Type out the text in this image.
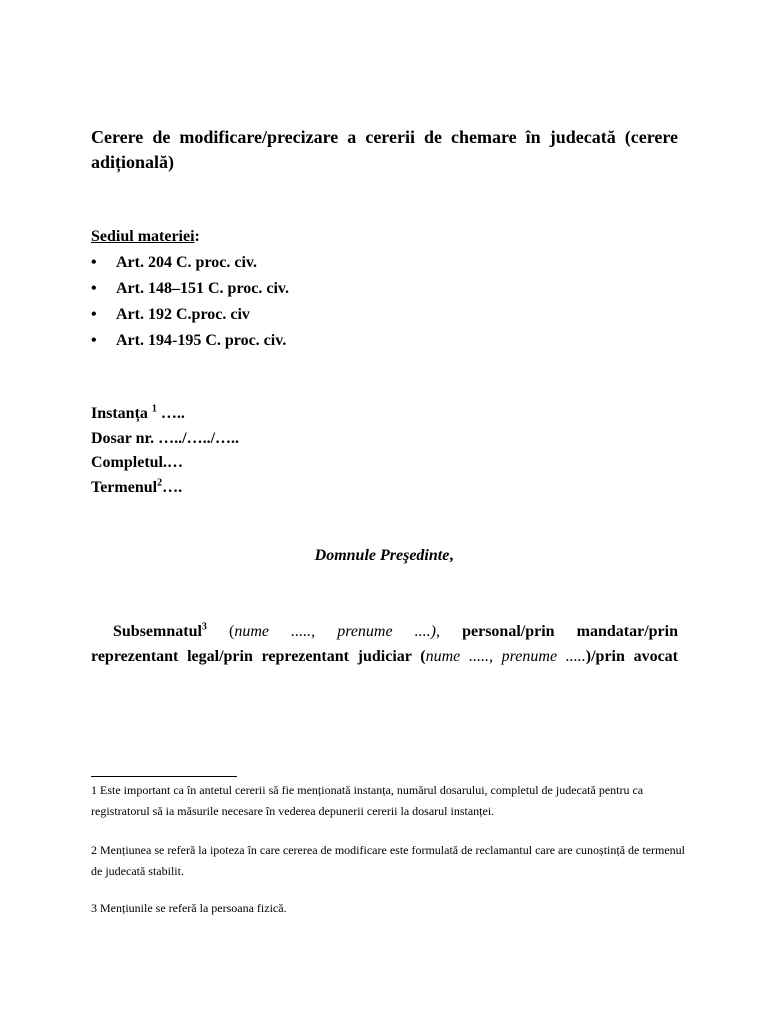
Cerere de modificare/precizare a cererii de chemare în judecată (cerere adițională)
Sediul materiei:
• Art. 204 C. proc. civ.
• Art. 148–151 C. proc. civ.
• Art. 192 C.proc. civ
• Art. 194-195 C. proc. civ.
Instanța $^1$ …..
Dosar nr. …../…../…..
Completul.…
Termenul$^2$….
Domnule Preşedinte,
Subsemnatul$^3$ (nume ....., prenume ....), personal/prin mandatar/prin
reprezentant legal/prin reprezentant judiciar (nume ....., prenume .....)/prin avocat

1 Este important ca în antetul cererii să fie menționată instanța, numărul dosarului, completul de judecată pentru ca registratorul să ia măsurile necesare în vederea depunerii cererii la dosarul instanței.

2 Mențiunea se referă la ipoteza în care cererea de modificare este formulată de reclamantul care are cunoștință de termenul de judecată stabilit.

3 Mențiunile se referă la persoana fizică.
